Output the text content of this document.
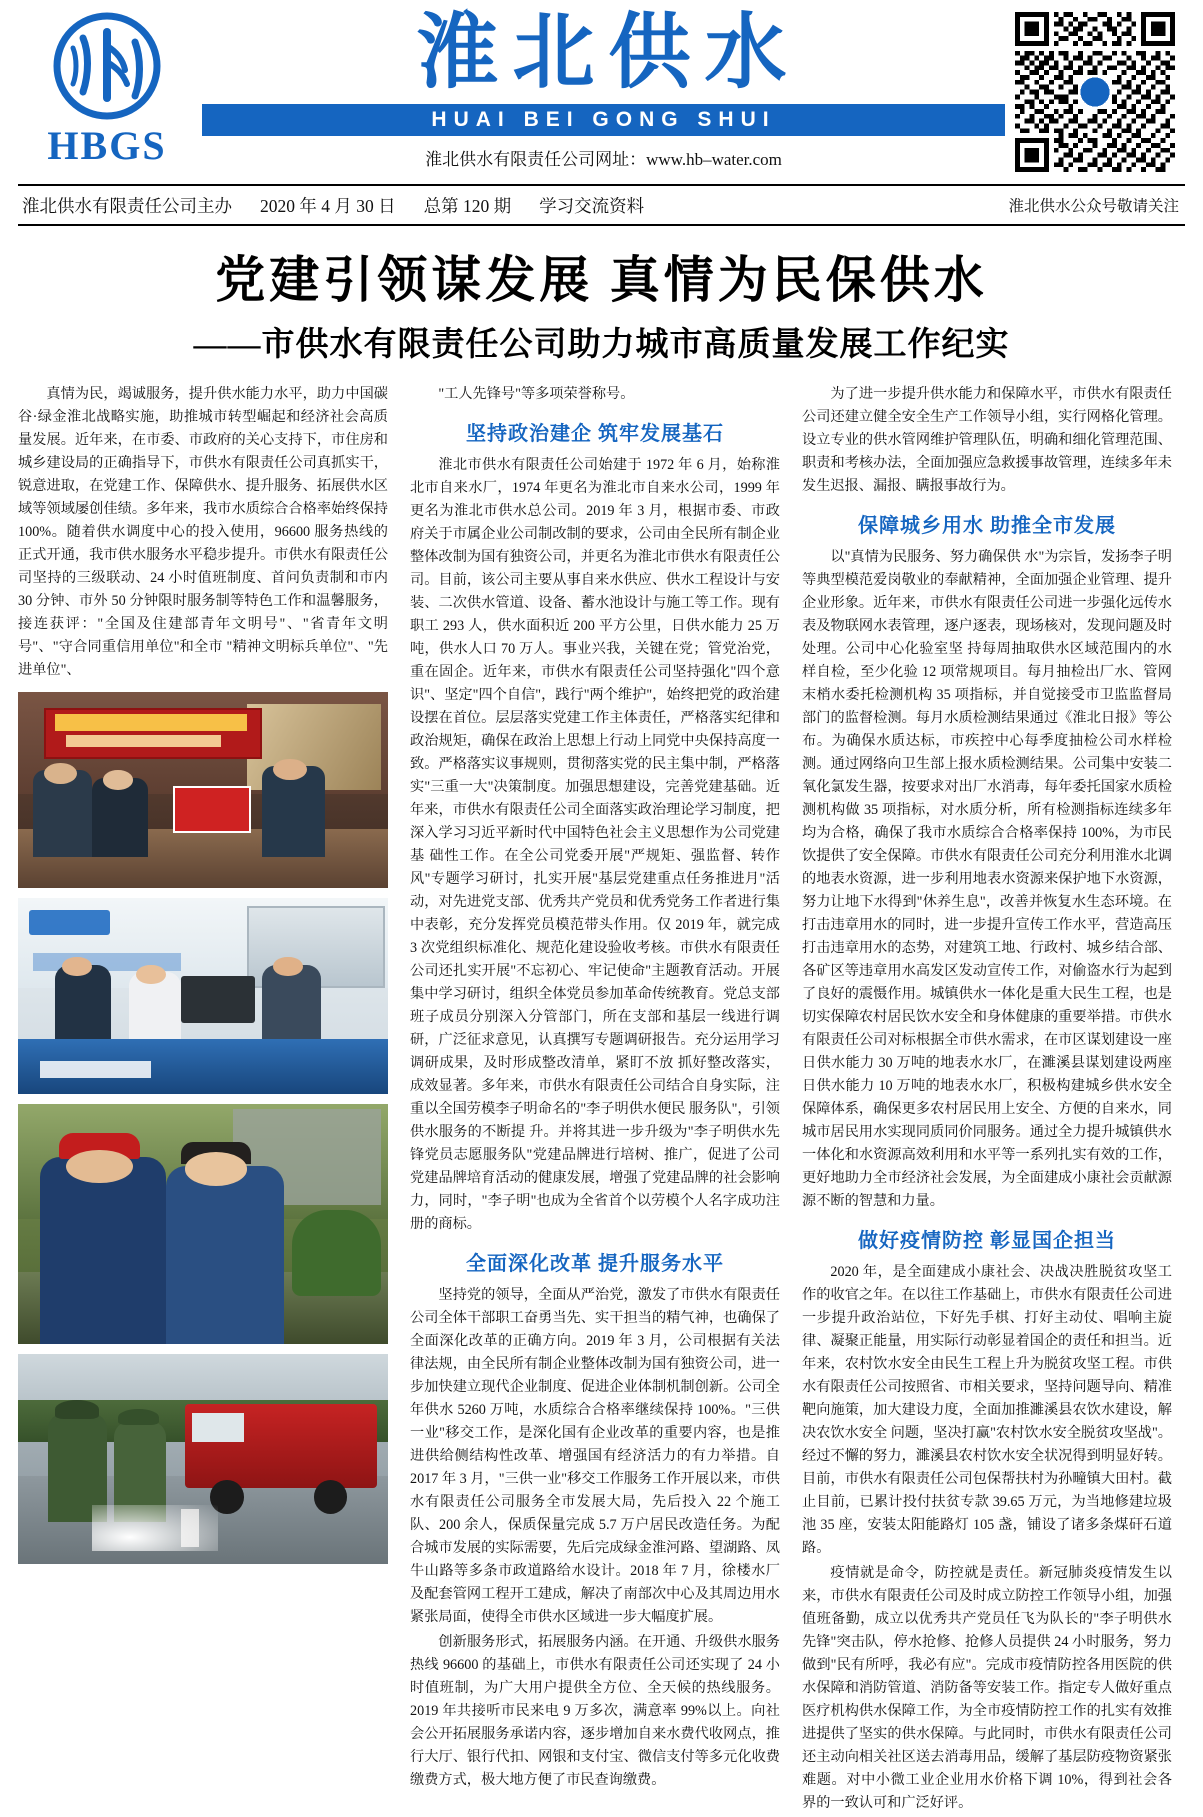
HBGS
淮北供水
HUAI BEI GONG SHUI
淮北供水有限责任公司网址：www.hb–water.com
淮北供水有限责任公司主办 2020 年 4 月 30 日 总第 120 期 学习交流资料	淮北供水公众号敬请关注
党建引领谋发展 真情为民保供水
——市供水有限责任公司助力城市高质量发展工作纪实

真情为民，竭诚服务，提升供水能力水平，助力中国碳谷·绿金淮北战略实施，助推城市转型崛起和经济社会高质量发展。近年来，在市委、市政府的关心支持下，市住房和城乡建设局的正确指导下，市供水有限责任公司真抓实干，锐意进取，在党建工作、保障供水、提升服务、拓展供水区域等领域屡创佳绩。多年来，我市水质综合合格率始终保持 100%。随着供水调度中心的投入使用，96600 服务热线的正式开通，我市供水服务水平稳步提升。市供水有限责任公司坚持的三级联动、24 小时值班制度、首问负责制和市内 30 分钟、市外 50 分钟限时服务制等特色工作和温馨服务，接连获评："全国及住建部青年文明号"、"省青年文明号"、"守合同重信用单位"和全市 "精神文明标兵单位"、"先进单位"、

"工人先锋号"等多项荣誉称号。

坚持政治建企 筑牢发展基石

淮北市供水有限责任公司始建于 1972 年 6 月，始称淮北市自来水厂，1974 年更名为淮北市自来水公司，1999 年更名为淮北市供水总公司。2019 年 3 月，根据市委、市政府关于市属企业公司制改制的要求，公司由全民所有制企业整体改制为国有独资公司，并更名为淮北市供水有限责任公司。目前，该公司主要从事自来水供应、供水工程设计与安装、二次供水管道、设备、蓄水池设计与施工等工作。现有职工 293 人，供水面积近 200 平方公里，日供水能力 25 万吨，供水人口 70 万人。事业兴我，关键在党；管党治党，重在固企。近年来，市供水有限责任公司坚持强化"四个意 识"、坚定"四个自信"，践行"两个维护"，始终把党的政治建设摆在首位。层层落实党建工作主体责任，严格落实纪律和政治规矩，确保在政治上思想上行动上同党中央保持高度一致。严格落实议事规则，贯彻落实党的民主集中制，严格落实"三重一大"决策制度。加强思想建设，完善党建基础。近年来，市供水有限责任公司全面落实政治理论学习制度，把深入学习习近平新时代中国特色社会主义思想作为公司党建基 础性工作。在全公司党委开展"严规矩、强监督、转作风"专题学习研讨，扎实开展"基层党建重点任务推进月"活动，对先进党支部、优秀共产党员和优秀党务工作者进行集中表彰，充分发挥党员模范带头作用。仅 2019 年，就完成 3 次党组织标准化、规范化建设验收考核。市供水有限责任公司还扎实开展"不忘初心、牢记使命"主题教育活动。开展集中学习研讨，组织全体党员参加革命传统教育。党总支部班子成员分别深入分管部门，所在支部和基层一线进行调 研，广泛征求意见，认真撰写专题调研报告。充分运用学习调研成果，及时形成整改清单，紧盯不放 抓好整改落实，成效显著。多年来，市供水有限责任公司结合自身实际，注重以全国劳模李子明命名的"李子明供水便民 服务队"，引领供水服务的不断提 升。并将其进一步升级为"李子明供水先锋党员志愿服务队"党建品牌进行培树、推广，促进了公司党建品牌培育活动的健康发展，增强了党建品牌的社会影响力，同时，"李子明"也成为全省首个以劳模个人名字成功注册的商标。

全面深化改革 提升服务水平

坚持党的领导，全面从严治党，激发了市供水有限责任公司全体干部职工奋勇当先、实干担当的精气神，也确保了全面深化改革的正确方向。2019 年 3 月，公司根据有关法律法规，由全民所有制企业整体改制为国有独资公司，进一步加快建立现代企业制度、促进企业体制机制创新。公司全年供水 5260 万吨，水质综合合格率继续保持 100%。"三供一业"移交工作，是深化国有企业改革的重要内容，也是推进供给侧结构性改革、增强国有经济活力的有力举措。自 2017 年 3 月，"三供一业"移交工作服务工作开展以来，市供水有限责任公司服务全市发展大局，先后投入 22 个施工队、200 余人，保质保量完成 5.7 万户居民改造任务。为配合城市发展的实际需要，先后完成绿金淮河路、望湖路、凤牛山路等多条市政道路给水设计。2018 年 7 月，徐楼水厂及配套管网工程开工建成，解决了南部次中心及其周边用水紧张局面，使得全市供水区域进一步大幅度扩展。

创新服务形式，拓展服务内涵。在开通、升级供水服务热线 96600 的基础上，市供水有限责任公司还实现了 24 小时值班制，为广大用户提供全方位、全天候的热线服务。2019 年共接听市民来电 9 万多次，满意率 99%以上。向社 会公开拓展服务承诺内容，逐步增加自来水费代收网点，推行大厅、银行代扣、网银和支付宝、微信支付等多元化收费缴费方式，极大地方便了市民查询缴费。

为了进一步提升供水能力和保障水平，市供水有限责任公司还建立健全安全生产工作领导小组，实行网格化管理。设立专业的供水管网维护管理队伍，明确和细化管理范围、职责和考核办法，全面加强应急救援事故管理，连续多年未发生迟报、漏报、瞒报事故行为。

保障城乡用水 助推全市发展

以"真情为民服务、努力确保供 水"为宗旨，发扬李子明等典型模范爱岗敬业的奉献精神，全面加强企业管理、提升企业形象。近年来，市供水有限责任公司进一步强化远传水表及物联网水表管理，逐户逐表，现场核对，发现问题及时处理。公司中心化验室坚 持每周抽取供水区域范围内的水样自检，至少化验 12 项常规项目。每月抽检出厂水、管网末梢水委托检测机构 35 项指标，并自觉接受市卫监监督局部门的监督检测。每月水质检测结果通过《淮北日报》等公布。为确保水质达标，市疾控中心每季度抽检公司水样检测。通过网络向卫生部上报水质检测结果。公司集中安装二氧化氯发生器，按要求对出厂水消毒，每年委托国家水质检 测机构做 35 项指标，对水质分析，所有检测指标连续多年均为合格，确保了我市水质综合合格率保持 100%，为市民饮提供了安全保障。市供水有限责任公司充分利用淮水北调的地表水资源，进一步利用地表水资源来保护地下水资源，努力让地下水得到"休养生息"，改善并恢复水生态环境。在打击违章用水的同时，进一步提升宣传工作水平，营造高压打击违章用水的态势，对建筑工地、行政村、城乡结合部、各矿区等违章用水高发区发动宣传工作，对偷盗水行为起到了良好的震慑作用。城镇供水一体化是重大民生工程，也是切实保障农村居民饮水安全和身体健康的重要举措。市供水有限责任公司对标根据全市供水需求，在市区谋划建设一座日供水能力 30 万吨的地表水水厂，在濉溪县谋划建设两座日供水能力 10 万吨的地表水水厂，积极构建城乡供水安全保障体系，确保更多农村居民用上安全、方便的自来水，同城市居民用水实现同质同价同服务。通过全力提升城镇供水一体化和水资源高效利用和水平等一系列扎实有效的工作，更好地助力全市经济社会发展，为全面建成小康社会贡献源源不断的智慧和力量。

做好疫情防控 彰显国企担当

2020 年，是全面建成小康社会、决战决胜脱贫攻坚工作的收官之年。在以往工作基础上，市供水有限责任公司进一步提升政治站位，下好先手棋、打好主动仗、唱响主旋律、凝聚正能量，用实际行动彰显着国企的责任和担当。近年来，农村饮水安全由民生工程上升为脱贫攻坚工程。市供水有限责任公司按照省、市相关要求，坚持问题导向、精准靶向施策，加大建设力度，全面加推濉溪县农饮水建设，解决农饮水安全 问题，坚决打赢"农村饮水安全脱贫攻坚战"。经过不懈的努力，濉溪县农村饮水安全状况得到明显好转。目前，市供水有限责任公司包保帮扶村为孙疃镇大田村。截止目前，已累计投付扶贫专款 39.65 万元，为当地修建垃圾池 35 座，安装太阳能路灯 105 盏，铺设了诸多条煤矸石道路。

疫情就是命令，防控就是责任。新冠肺炎疫情发生以来，市供水有限责任公司及时成立防控工作领导小组，加强值班备勤，成立以优秀共产党员任飞为队长的"李子明供水先锋"突击队，停水抢修、抢修人员提供 24 小时服务，努力做到"民有所呼，我必有应"。完成市疫情防控各用医院的供水保障和消防管道、消防备等安装工作。指定专人做好重点医疗机构供水保障工作，为全市疫情防控工作的扎实有效推进提供了坚实的供水保障。与此同时，市供水有限责任公司还主动向相关社区送去消毒用品，缓解了基层防疫物资紧张难题。对中小微工业企业用水价格下调 10%，得到社会各界的一致认可和广泛好评。
